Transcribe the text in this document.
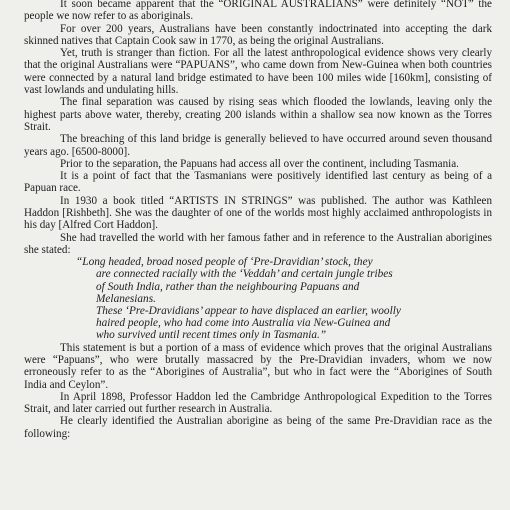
It soon became apparent that the “ORIGINAL AUSTRALIANS” were definitely “NOT” the people we now refer to as aboriginals.

For over 200 years, Australians have been constantly indoctrinated into accepting the dark skinned natives that Captain Cook saw in 1770, as being the original Australians.

Yet, truth is stranger than fiction. For all the latest anthropological evidence shows very clearly that the original Australians were “PAPUANS”, who came down from New-Guinea when both countries were connected by a natural land bridge estimated to have been 100 miles wide [160km], consisting of vast lowlands and undulating hills.

The final separation was caused by rising seas which flooded the lowlands, leaving only the highest parts above water, thereby, creating 200 islands within a shallow sea now known as the Torres Strait.

The breaching of this land bridge is generally believed to have occurred around seven thousand years ago. [6500-8000].

Prior to the separation, the Papuans had access all over the continent, including Tasmania.

It is a point of fact that the Tasmanians were positively identified last century as being of a Papuan race.

In 1930 a book titled “ARTISTS IN STRINGS” was published. The author was Kathleen Haddon [Rishbeth]. She was the daughter of one of the worlds most highly acclaimed anthropologists in his day [Alfred Cort Haddon].

She had travelled the world with her famous father and in reference to the Australian aborigines she stated:

“Long headed, broad nosed people of ‘Pre-Dravidian’ stock, they
are connected racially with the ‘Veddah’ and certain jungle tribes
of South India, rather than the neighbouring Papuans and
Melanesians.
These ‘Pre-Dravidians’ appear to have displaced an earlier, woolly
haired people, who had come into Australia via New-Guinea and
who survived until recent times only in Tasmania.”

This statement is but a portion of a mass of evidence which proves that the original Australians were “Papuans”, who were brutally massacred by the Pre-Dravidian invaders, whom we now erroneously refer to as the “Aborigines of Australia”, but who in fact were the “Aborigines of South India and Ceylon”.

In April 1898, Professor Haddon led the Cambridge Anthropological Expedition to the Torres Strait, and later carried out further research in Australia.

He clearly identified the Australian aborigine as being of the same Pre-Dravidian race as the following:
